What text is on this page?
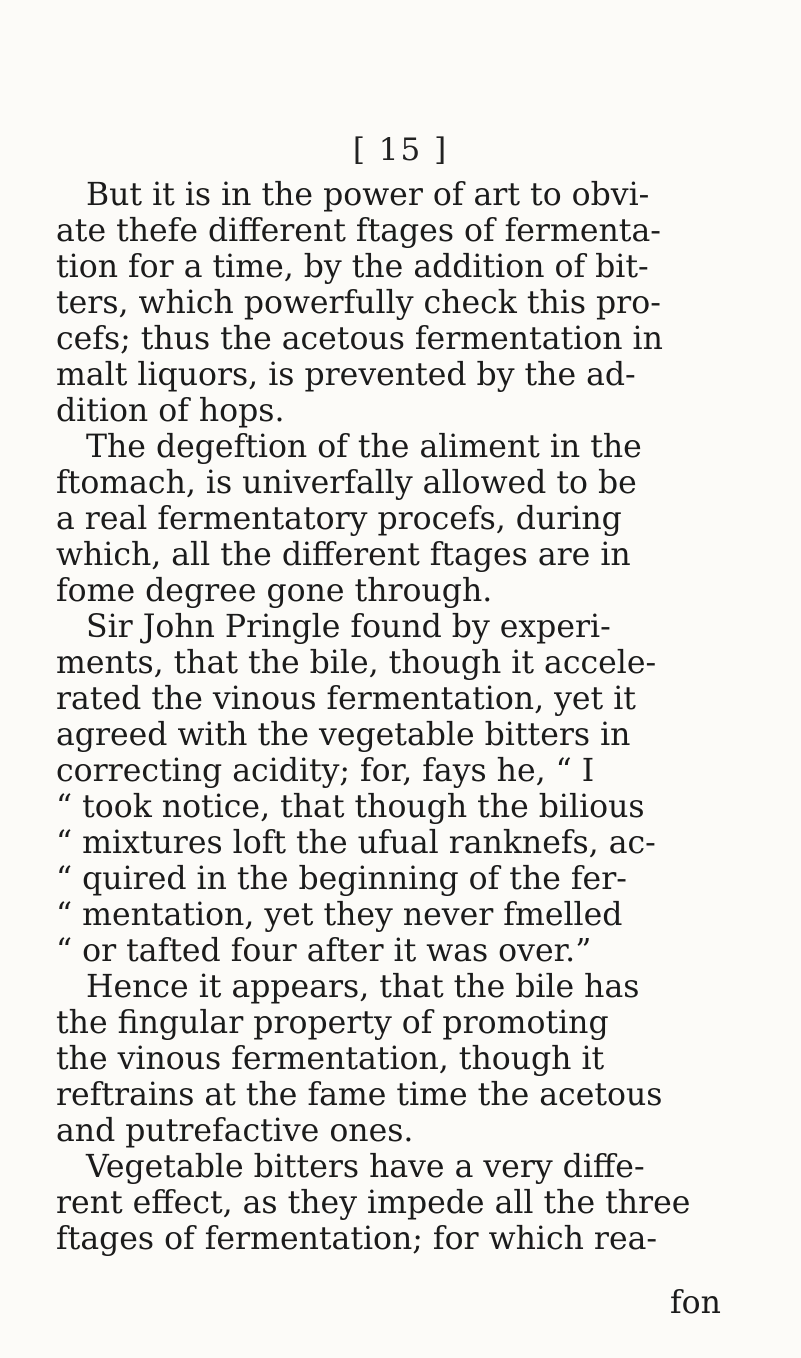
[ 15 ]
But it is in the power of art to obvi-
ate thefe different ftages of fermenta-
tion for a time, by the addition of bit-
ters, which powerfully check this pro-
cefs; thus the acetous fermentation in
malt liquors, is prevented by the ad-
dition of hops.
The degeftion of the aliment in the
ftomach, is univerfally allowed to be
a real fermentatory procefs, during
which, all the different ftages are in
fome degree gone through.
Sir John Pringle found by experi-
ments, that the bile, though it accele-
rated the vinous fermentation, yet it
agreed with the vegetable bitters in
correcting acidity; for, fays he, “ I
“ took notice, that though the bilious
“ mixtures loft the ufual ranknefs, ac-
“ quired in the beginning of the fer-
“ mentation, yet they never fmelled
“ or tafted four after it was over.”
Hence it appears, that the bile has
the fingular property of promoting
the vinous fermentation, though it
reftrains at the fame time the acetous
and putrefactive ones.
Vegetable bitters have a very diffe-
rent effect, as they impede all the three
ftages of fermentation; for which rea-
fon
